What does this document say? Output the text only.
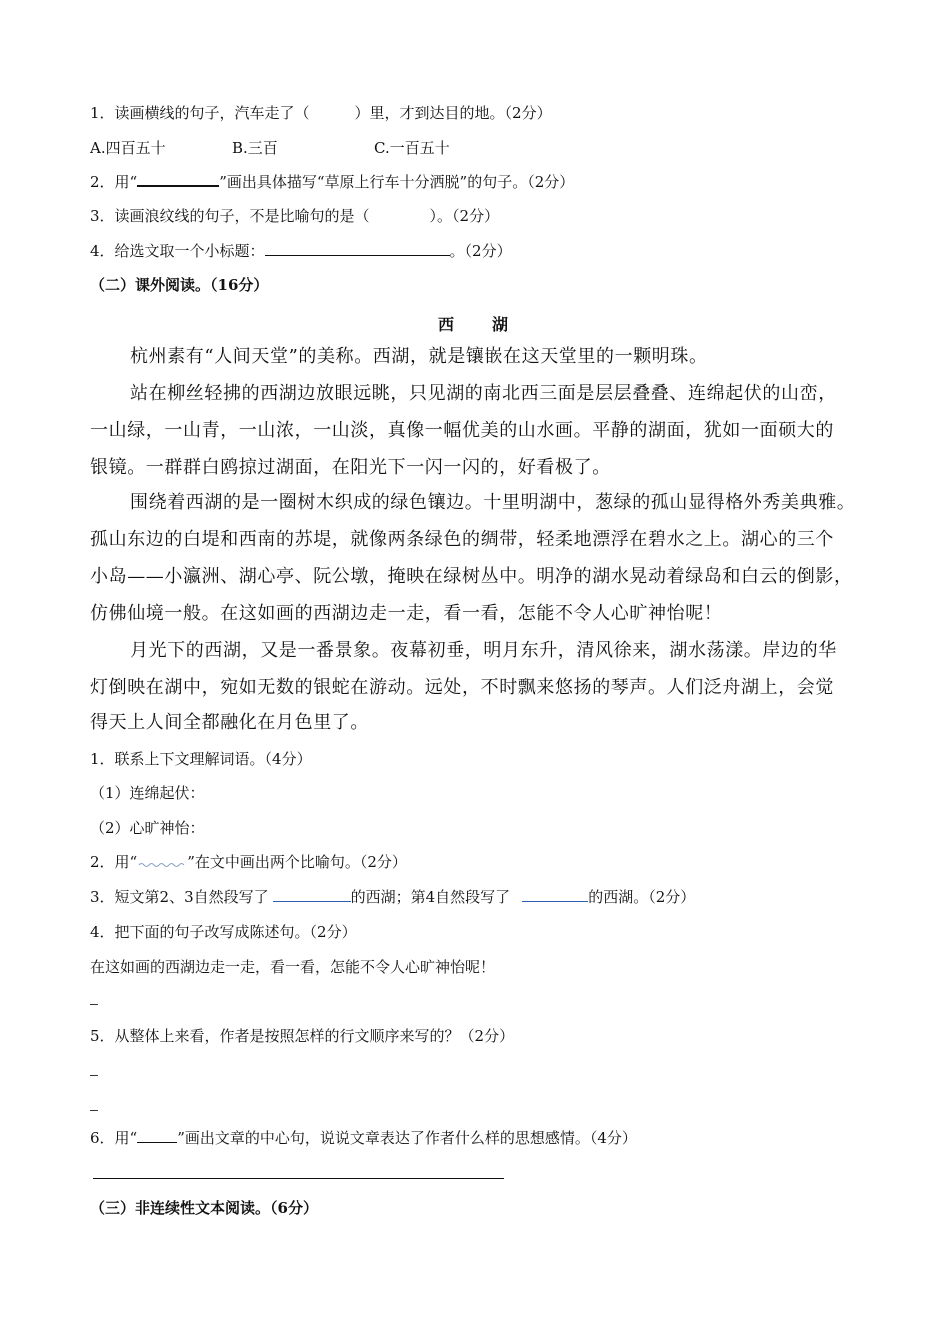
1．读画横线的句子，汽车走了（　　　）里，才到达目的地。（2分）
A.四百五十	B.三百	C.一百五十
2．用“	”画出具体描写“草原上行车十分洒脱”的句子。（2分）
3．读画浪纹线的句子，不是比喻句的是（　　　　）。（2分）
4．给选文取一个小标题：	。（2分）
（二）课外阅读。（16分）
西　　湖
杭州素有“人间天堂”的美称。西湖，就是镶嵌在这天堂里的一颗明珠。
站在柳丝轻拂的西湖边放眼远眺，只见湖的南北西三面是层层叠叠、连绵起伏的山峦，
一山绿，一山青，一山浓，一山淡，真像一幅优美的山水画。平静的湖面，犹如一面硕大的
银镜。一群群白鸥掠过湖面，在阳光下一闪一闪的，好看极了。
围绕着西湖的是一圈树木织成的绿色镶边。十里明湖中，葱绿的孤山显得格外秀美典雅。
孤山东边的白堤和西南的苏堤，就像两条绿色的绸带，轻柔地漂浮在碧水之上。湖心的三个
小岛——小瀛洲、湖心亭、阮公墩，掩映在绿树丛中。明净的湖水晃动着绿岛和白云的倒影，
仿佛仙境一般。在这如画的西湖边走一走，看一看，怎能不令人心旷神怡呢！
月光下的西湖，又是一番景象。夜幕初垂，明月东升，清风徐来，湖水荡漾。岸边的华
灯倒映在湖中，宛如无数的银蛇在游动。远处，不时飘来悠扬的琴声。人们泛舟湖上，会觉
得天上人间全都融化在月色里了。
1．联系上下文理解词语。（4分）
（1）连绵起伏：
（2）心旷神怡：
2．用“	”在文中画出两个比喻句。（2分）
3．短文第2、3自然段写了	的西湖；第4自然段写了	的西湖。（2分）
4．把下面的句子改写成陈述句。（2分）
在这如画的西湖边走一走，看一看，怎能不令人心旷神怡呢！
5．从整体上来看，作者是按照怎样的行文顺序来写的？（2分）
6．用“	”画出文章的中心句，说说文章表达了作者什么样的思想感情。（4分）
（三）非连续性文本阅读。（6分）
